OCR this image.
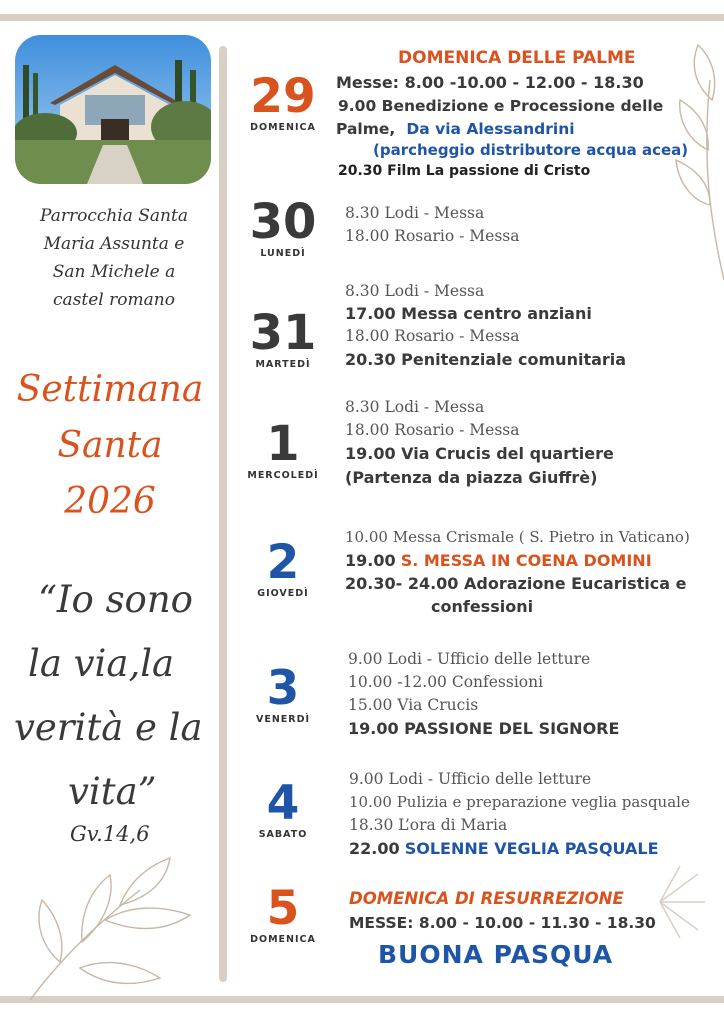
Parrocchia Santa
Maria Assunta e
San Michele a
castel romano
Settimana
Santa
2026
“Io sono
la via,la
verità e la
vita”
Gv.14,6
29
DOMENICA
30
LUNEDÌ
31
MARTEDÌ
1
MERCOLEDÌ
2
GIOVEDÌ
3
VENERDÌ
4
SABATO
5
DOMENICA
DOMENICA DELLE PALME
Messe: 8.00 -10.00 - 12.00 - 18.30
9.00 Benedizione e Processione delle
Palme, Da via Alessandrini
(parcheggio distributore acqua acea)
20.30 Film La passione di Cristo
8.30 Lodi - Messa
18.00 Rosario - Messa
8.30 Lodi - Messa
17.00 Messa centro anziani
18.00 Rosario - Messa
20.30 Penitenziale comunitaria
8.30 Lodi - Messa
18.00 Rosario - Messa
19.00 Via Crucis del quartiere
(Partenza da piazza Giuffrè)
10.00 Messa Crismale ( S. Pietro in Vaticano)
19.00 S. MESSA IN COENA DOMINI
20.30- 24.00 Adorazione Eucaristica e
confessioni
9.00 Lodi - Ufficio delle letture
10.00 -12.00 Confessioni
15.00 Via Crucis
19.00 PASSIONE DEL SIGNORE
9.00 Lodi - Ufficio delle letture
10.00 Pulizia e preparazione veglia pasquale
18.30 L’ora di Maria
22.00 SOLENNE VEGLIA PASQUALE
DOMENICA DI RESURREZIONE
MESSE: 8.00 - 10.00 - 11.30 - 18.30
BUONA PASQUA
